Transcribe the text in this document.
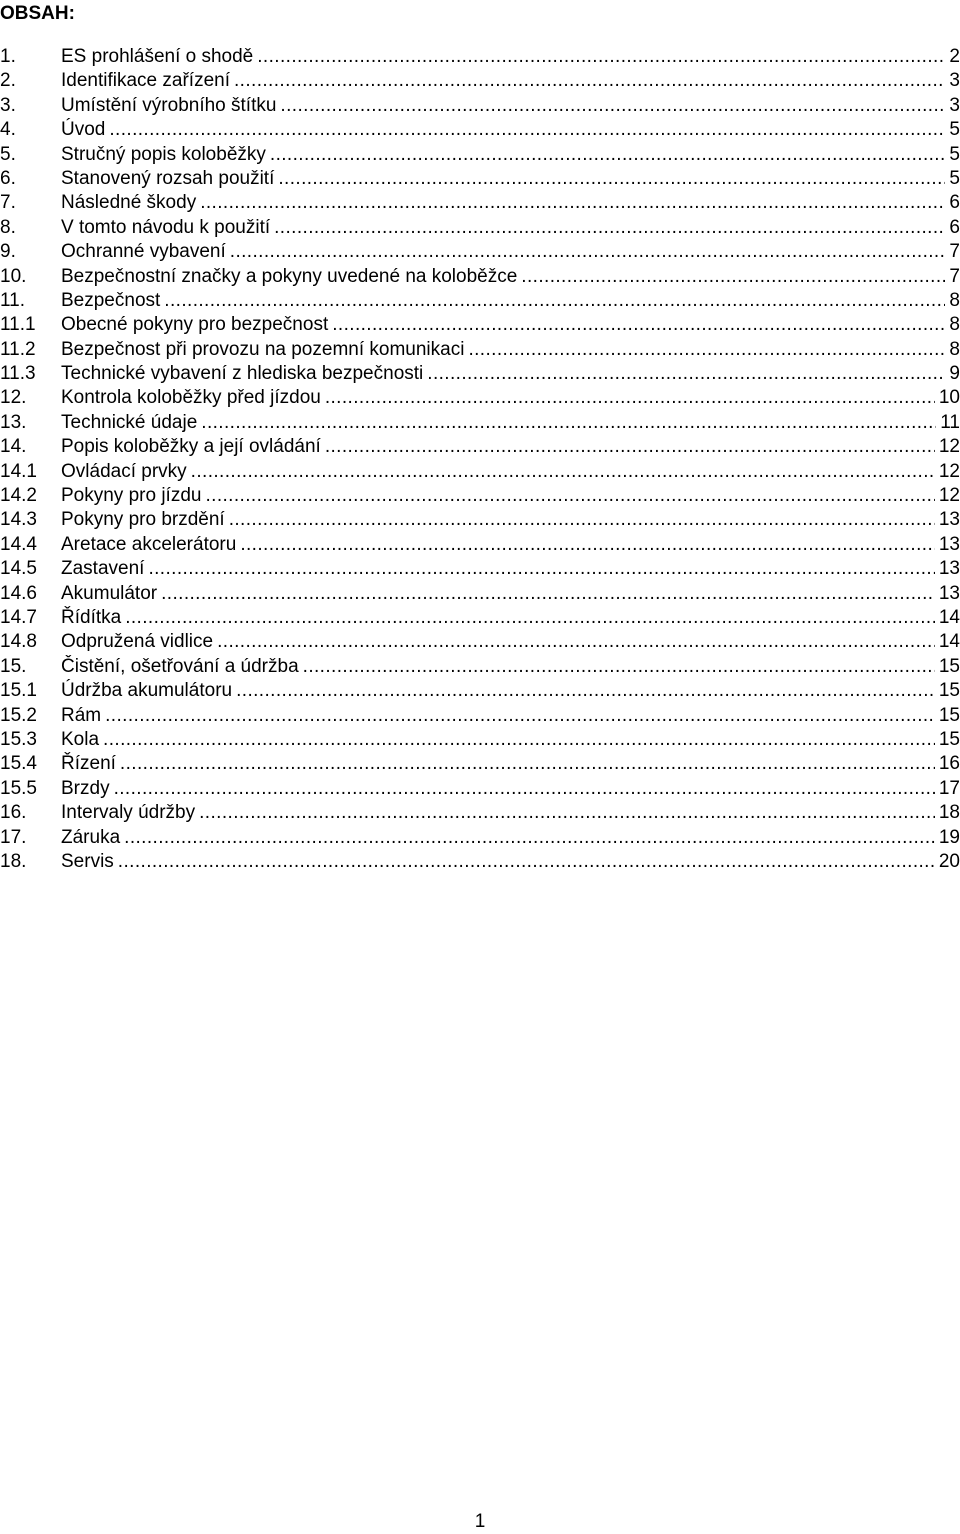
OBSAH:
1.	ES prohlášení o shodě .....	2
2.	Identifikace zařízení .....	3
3.	Umístění výrobního štítku .....	3
4.	Úvod .....	5
5.	Stručný popis koloběžky .....	5
6.	Stanovený rozsah použití .....	5
7.	Následné škody .....	6
8.	V tomto návodu k použití .....	6
9.	Ochranné vybavení .....	7
10.	Bezpečnostní značky a pokyny uvedené na koloběžce .....	7
11.	Bezpečnost .....	8
11.1	Obecné pokyny pro bezpečnost .....	8
11.2	Bezpečnost při provozu na pozemní komunikaci .....	8
11.3	Technické vybavení z hlediska bezpečnosti .....	9
12.	Kontrola koloběžky před jízdou .....	10
13.	Technické údaje .....	11
14.	Popis koloběžky a její ovládání .....	12
14.1	Ovládací prvky .....	12
14.2	Pokyny pro jízdu .....	12
14.3	Pokyny pro brzdění .....	13
14.4	Aretace akcelerátoru .....	13
14.5	Zastavení .....	13
14.6	Akumulátor .....	13
14.7	Řídítka .....	14
14.8	Odpružená vidlice .....	14
15.	Čistění, ošetřování a údržba .....	15
15.1	Údržba akumulátoru .....	15
15.2	Rám .....	15
15.3	Kola .....	15
15.4	Řízení .....	16
15.5	Brzdy .....	17
16.	Intervaly údržby .....	18
17.	Záruka .....	19
18.	Servis .....	20
1
